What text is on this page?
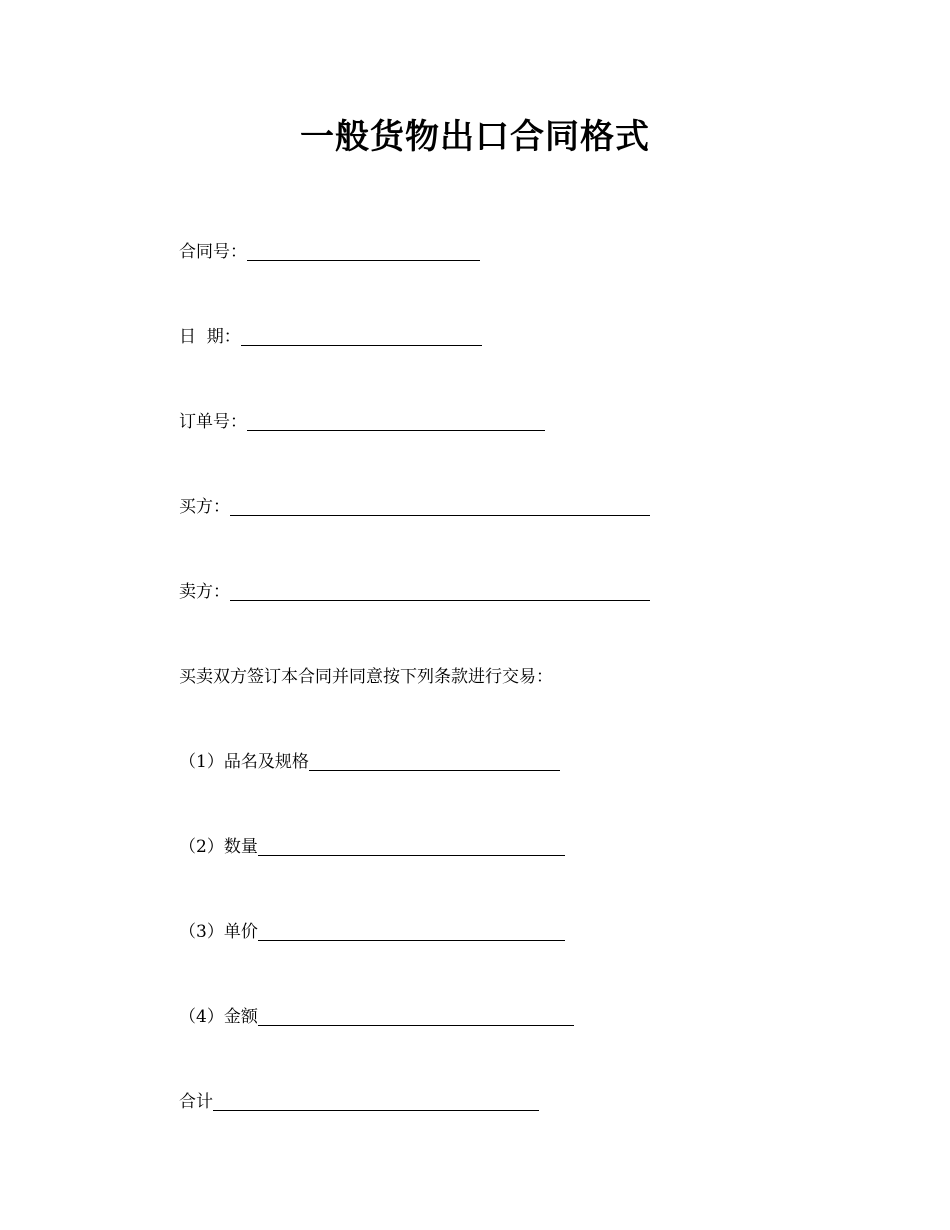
一般货物出口合同格式
合同号：
日  期：
订单号：
买方：
卖方：

买卖双方签订本合同并同意按下列条款进行交易：

（1）品名及规格
（2）数量
（3）单价
（4）金额
合计
